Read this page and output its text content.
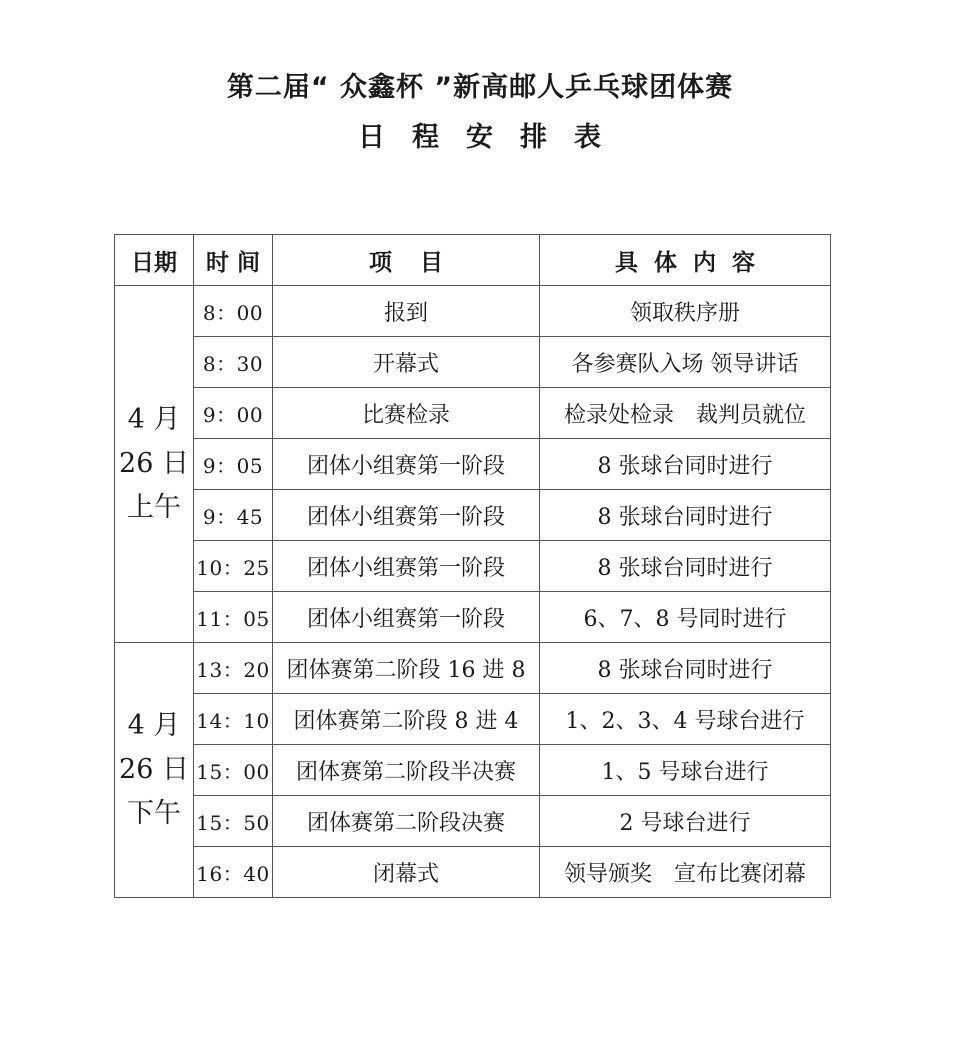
第二届“ 众鑫杯 ”新高邮人乒乓球团体赛
日 程 安 排 表
日期	时 间	项 目	具 体 内 容

4 月
26 日
上午	8：00	报到	领取秩序册
	8：30	开幕式	各参赛队入场 领导讲话
	9：00	比赛检录	检录处检录　裁判员就位
	9：05	团体小组赛第一阶段	8 张球台同时进行
	9：45	团体小组赛第一阶段	8 张球台同时进行
	10：25	团体小组赛第一阶段	8 张球台同时进行
	11：05	团体小组赛第一阶段	6、7、8 号同时进行

4 月
26 日
下午	13：20	团体赛第二阶段 16 进 8	8 张球台同时进行
	14：10	团体赛第二阶段 8 进 4	1、2、3、4 号球台进行
	15：00	团体赛第二阶段半决赛	1、5 号球台进行
	15：50	团体赛第二阶段决赛	2 号球台进行
	16：40	闭幕式	领导颁奖　宣布比赛闭幕
